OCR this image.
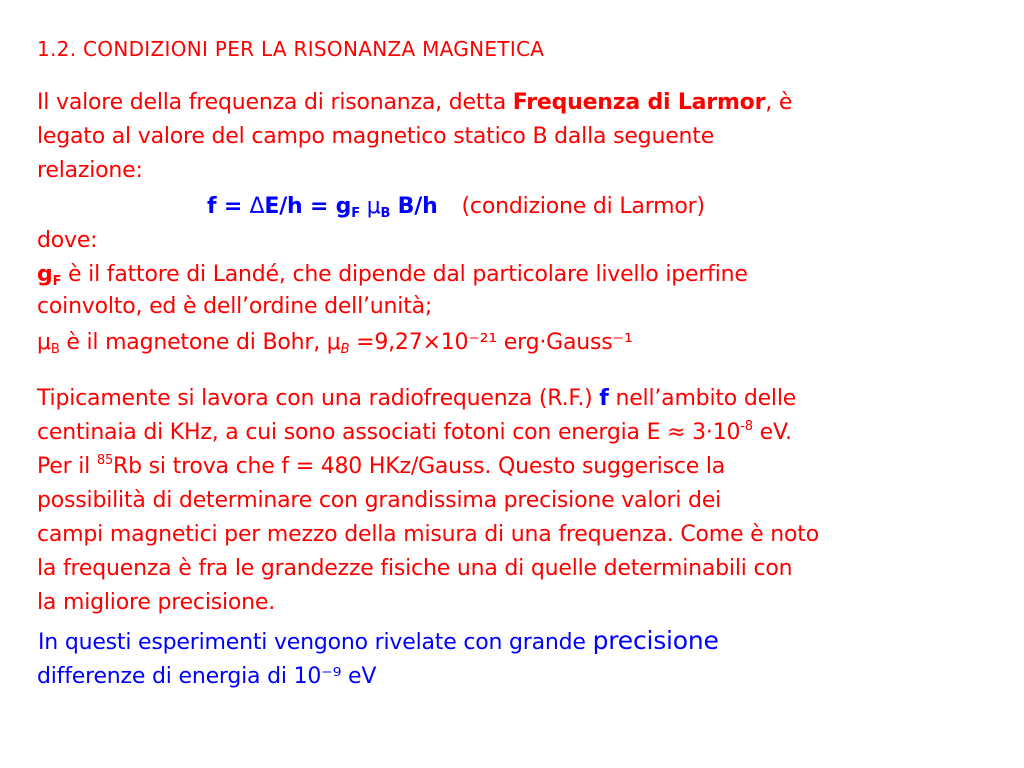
1.2. CONDIZIONI PER LA RISONANZA MAGNETICA
Il valore della frequenza di risonanza, detta Frequenza di Larmor, è
legato al valore del campo magnetico statico B dalla seguente
relazione:
$f = \Delta E/h = g_F$ $\mu_B$ B/h (condizione di Larmor)
dove:
$g_F$ è il fattore di Landé, che dipende dal particolare livello iperfine
coinvolto, ed è dell’ordine dell’unità;
$\mu_B$ è il magnetone di Bohr, $\mu_B =9,27\times 10^{-21}$ erg·Gauss⁻¹
Tipicamente si lavora con una radiofrequenza (R.F.) f nell’ambito delle
centinaia di KHz, a cui sono associati fotoni con energia $E \approx 3\cdot 10^{-8}$ eV.
Per il $^{85}$Rb si trova che f = 480 HKz/Gauss. Questo suggerisce la
possibilità di determinare con grandissima precisione valori dei
campi magnetici per mezzo della misura di una frequenza. Come è noto
la frequenza è fra le grandezze fisiche una di quelle determinabili con
la migliore precisione.
In questi esperimenti vengono rivelate con grande precisione
differenze di energia di 10⁻⁹ eV
